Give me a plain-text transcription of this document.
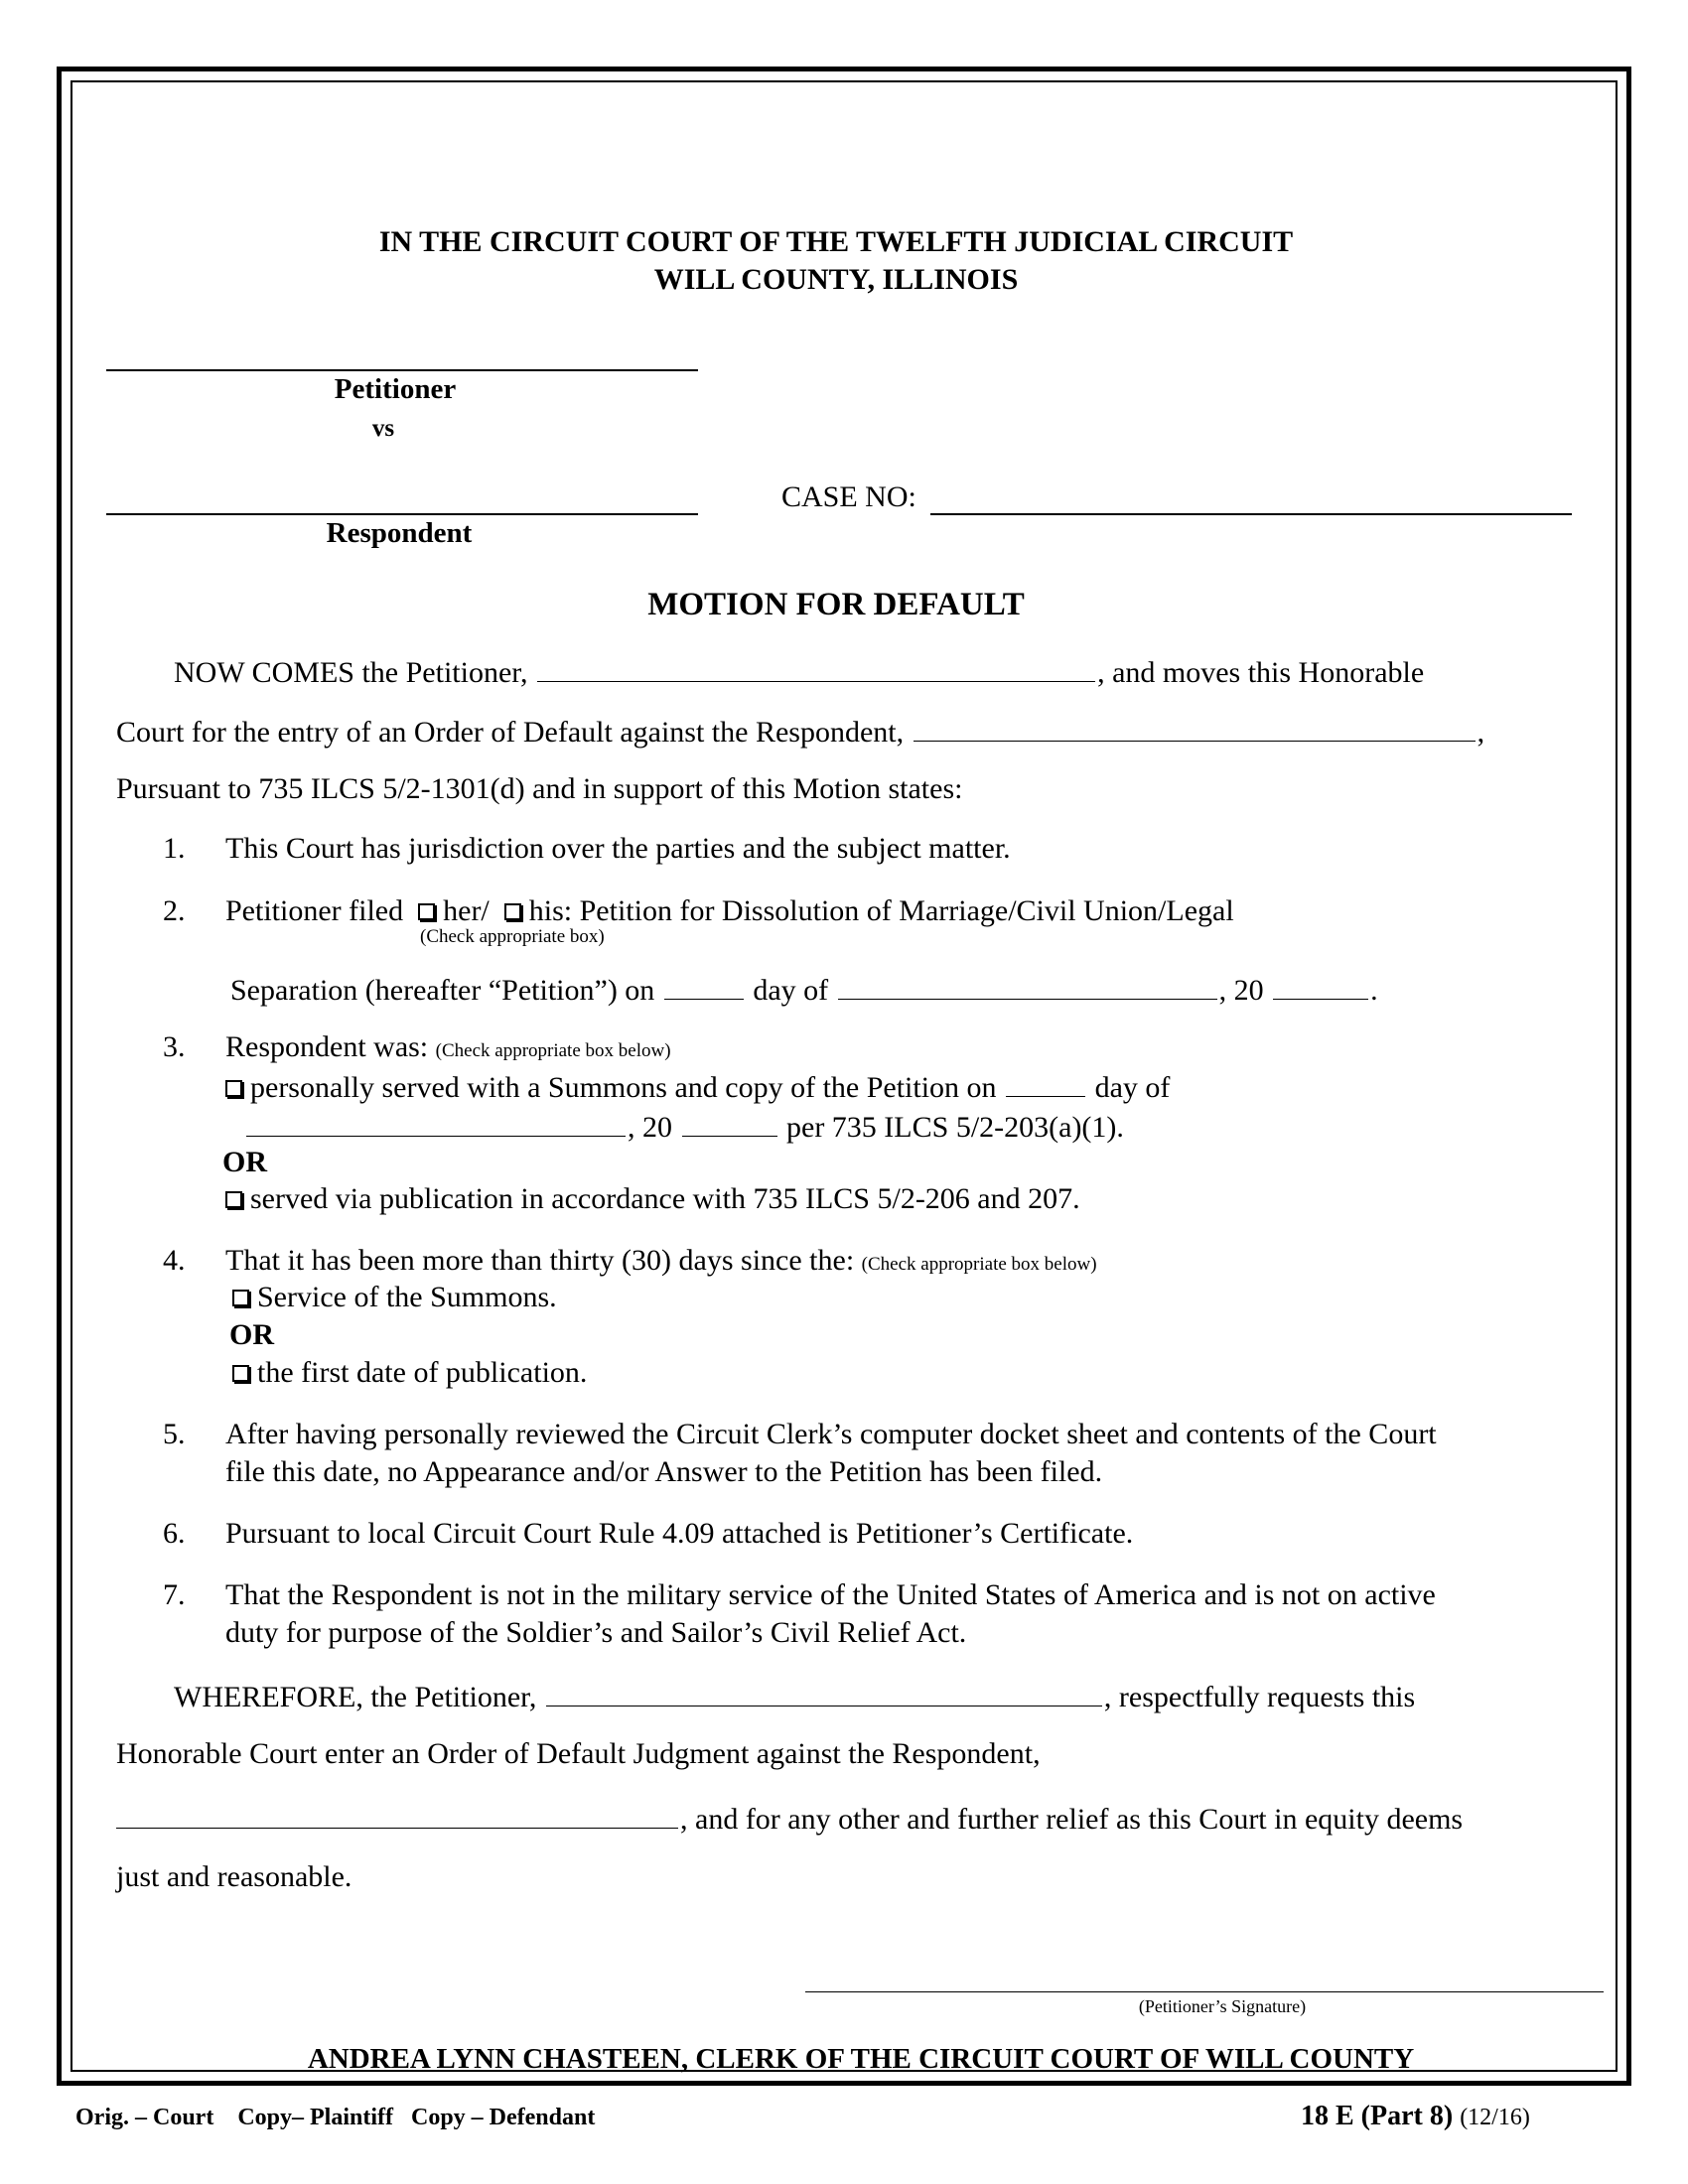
IN THE CIRCUIT COURT OF THE TWELFTH JUDICIAL CIRCUIT
WILL COUNTY, ILLINOIS
Petitioner
vs
Respondent
CASE NO:
MOTION FOR DEFAULT
NOW COMES the Petitioner,	, and moves this Honorable
Court for the entry of an Order of Default against the Respondent,	,
Pursuant to 735 ILCS 5/2-1301(d) and in support of this Motion states:
1. This Court has jurisdiction over the parties and the subject matter.
2. Petitioner filed her/ his: Petition for Dissolution of Marriage/Civil Union/Legal
(Check appropriate box)
Separation (hereafter “Petition”) on	day of	, 20	.
3. Respondent was: (Check appropriate box below)
personally served with a Summons and copy of the Petition on	day of
, 20	per 735 ILCS 5/2-203(a)(1).
OR
served via publication in accordance with 735 ILCS 5/2-206 and 207.
4. That it has been more than thirty (30) days since the: (Check appropriate box below)
Service of the Summons.
OR
the first date of publication.
5. After having personally reviewed the Circuit Clerk’s computer docket sheet and contents of the Court
file this date, no Appearance and/or Answer to the Petition has been filed.
6. Pursuant to local Circuit Court Rule 4.09 attached is Petitioner’s Certificate.
7. That the Respondent is not in the military service of the United States of America and is not on active
duty for purpose of the Soldier’s and Sailor’s Civil Relief Act.
WHEREFORE, the Petitioner,	, respectfully requests this
Honorable Court enter an Order of Default Judgment against the Respondent,
, and for any other and further relief as this Court in equity deems
just and reasonable.
(Petitioner’s Signature)
ANDREA LYNN CHASTEEN, CLERK OF THE CIRCUIT COURT OF WILL COUNTY
Orig. – Court    Copy– Plaintiff   Copy – Defendant	18 E (Part 8) (12/16)
